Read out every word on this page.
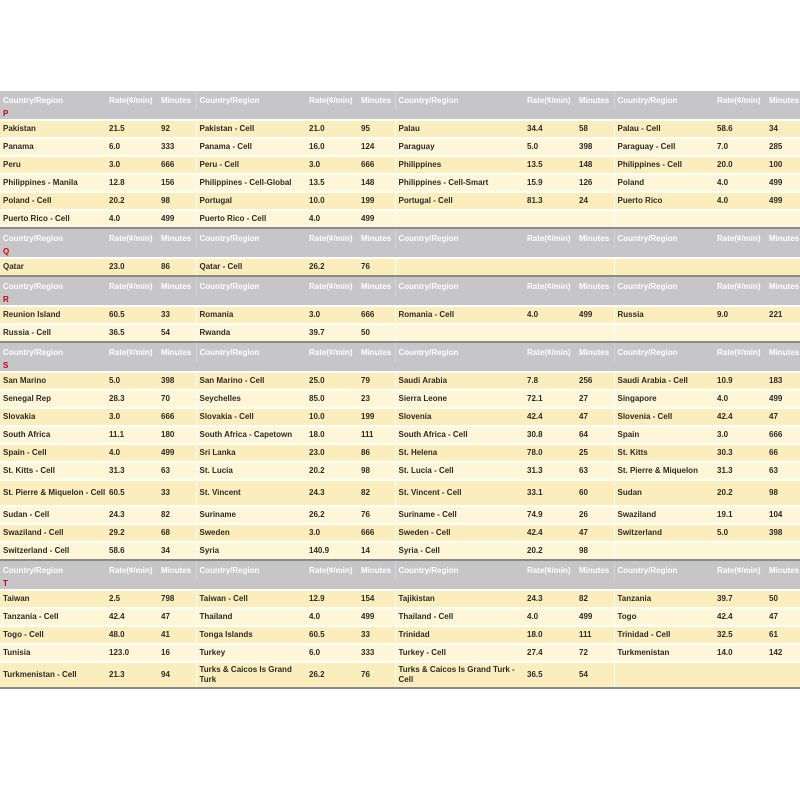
Country/Region	Rate(¢/min)	Minutes	Country/Region	Rate(¢/min)	Minutes	Country/Region	Rate(¢/min)	Minutes	Country/Region	Rate(¢/min)	Minutes
P											
Pakistan	21.5	92	Pakistan - Cell	21.0	95	Palau	34.4	58	Palau - Cell	58.6	34
Panama	6.0	333	Panama - Cell	16.0	124	Paraguay	5.0	398	Paraguay - Cell	7.0	285
Peru	3.0	666	Peru - Cell	3.0	666	Philippines	13.5	148	Philippines - Cell	20.0	100
Philippines - Manila	12.8	156	Philippines - Cell-Global	13.5	148	Philippines - Cell-Smart	15.9	126	Poland	4.0	499
Poland - Cell	20.2	98	Portugal	10.0	199	Portugal - Cell	81.3	24	Puerto Rico	4.0	499
Puerto Rico - Cell	4.0	499	Puerto Rico - Cell	4.0	499						
Country/Region	Rate(¢/min)	Minutes	Country/Region	Rate(¢/min)	Minutes	Country/Region	Rate(¢/min)	Minutes	Country/Region	Rate(¢/min)	Minutes
Q											
Qatar	23.0	86	Qatar - Cell	26.2	76						
Country/Region	Rate(¢/min)	Minutes	Country/Region	Rate(¢/min)	Minutes	Country/Region	Rate(¢/min)	Minutes	Country/Region	Rate(¢/min)	Minutes
R											
Reunion Island	60.5	33	Romania	3.0	666	Romania - Cell	4.0	499	Russia	9.0	221
Russia - Cell	36.5	54	Rwanda	39.7	50						
Country/Region	Rate(¢/min)	Minutes	Country/Region	Rate(¢/min)	Minutes	Country/Region	Rate(¢/min)	Minutes	Country/Region	Rate(¢/min)	Minutes
S											
San Marino	5.0	398	San Marino - Cell	25.0	79	Saudi Arabia	7.8	256	Saudi Arabia - Cell	10.9	183
Senegal Rep	28.3	70	Seychelles	85.0	23	Sierra Leone	72.1	27	Singapore	4.0	499
Slovakia	3.0	666	Slovakia - Cell	10.0	199	Slovenia	42.4	47	Slovenia - Cell	42.4	47
South Africa	11.1	180	South Africa - Capetown	18.0	111	South Africa - Cell	30.8	64	Spain	3.0	666
Spain - Cell	4.0	499	Sri Lanka	23.0	86	St. Helena	78.0	25	St. Kitts	30.3	66
St. Kitts - Cell	31.3	63	St. Lucia	20.2	98	St. Lucia - Cell	31.3	63	St. Pierre & Miquelon	31.3	63
St. Pierre & Miquelon - Cell	60.5	33	St. Vincent	24.3	82	St. Vincent - Cell	33.1	60	Sudan	20.2	98
Sudan - Cell	24.3	82	Suriname	26.2	76	Suriname - Cell	74.9	26	Swaziland	19.1	104
Swaziland - Cell	29.2	68	Sweden	3.0	666	Sweden - Cell	42.4	47	Switzerland	5.0	398
Switzerland - Cell	58.6	34	Syria	140.9	14	Syria - Cell	20.2	98			
Country/Region	Rate(¢/min)	Minutes	Country/Region	Rate(¢/min)	Minutes	Country/Region	Rate(¢/min)	Minutes	Country/Region	Rate(¢/min)	Minutes
T											
Taiwan	2.5	798	Taiwan - Cell	12.9	154	Tajikistan	24.3	82	Tanzania	39.7	50
Tanzania - Cell	42.4	47	Thailand	4.0	499	Thailand - Cell	4.0	499	Togo	42.4	47
Togo - Cell	48.0	41	Tonga Islands	60.5	33	Trinidad	18.0	111	Trinidad - Cell	32.5	61
Tunisia	123.0	16	Turkey	6.0	333	Turkey - Cell	27.4	72	Turkmenistan	14.0	142
Turkmenistan - Cell	21.3	94	Turks & Caicos Is Grand Turk	26.2	76	Turks & Caicos Is Grand Turk - Cell	36.5	54			
